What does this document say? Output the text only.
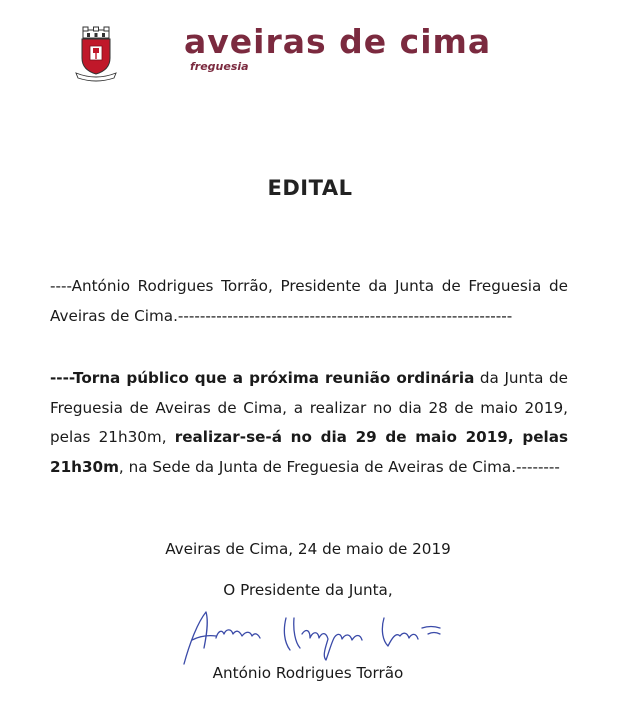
aveiras de cima
freguesia
EDITAL
----António Rodrigues Torrão, Presidente da Junta de Freguesia de Aveiras de Cima.-------------------------------------------------------------
----Torna público que a próxima reunião ordinária da Junta de Freguesia de Aveiras de Cima, a realizar no dia 28 de maio 2019, pelas 21h30m, realizar-se-á no dia 29 de maio 2019, pelas 21h30m, na Sede da Junta de Freguesia de Aveiras de Cima.--------
Aveiras de Cima, 24 de maio de 2019
O Presidente da Junta,
António Rodrigues Torrão
